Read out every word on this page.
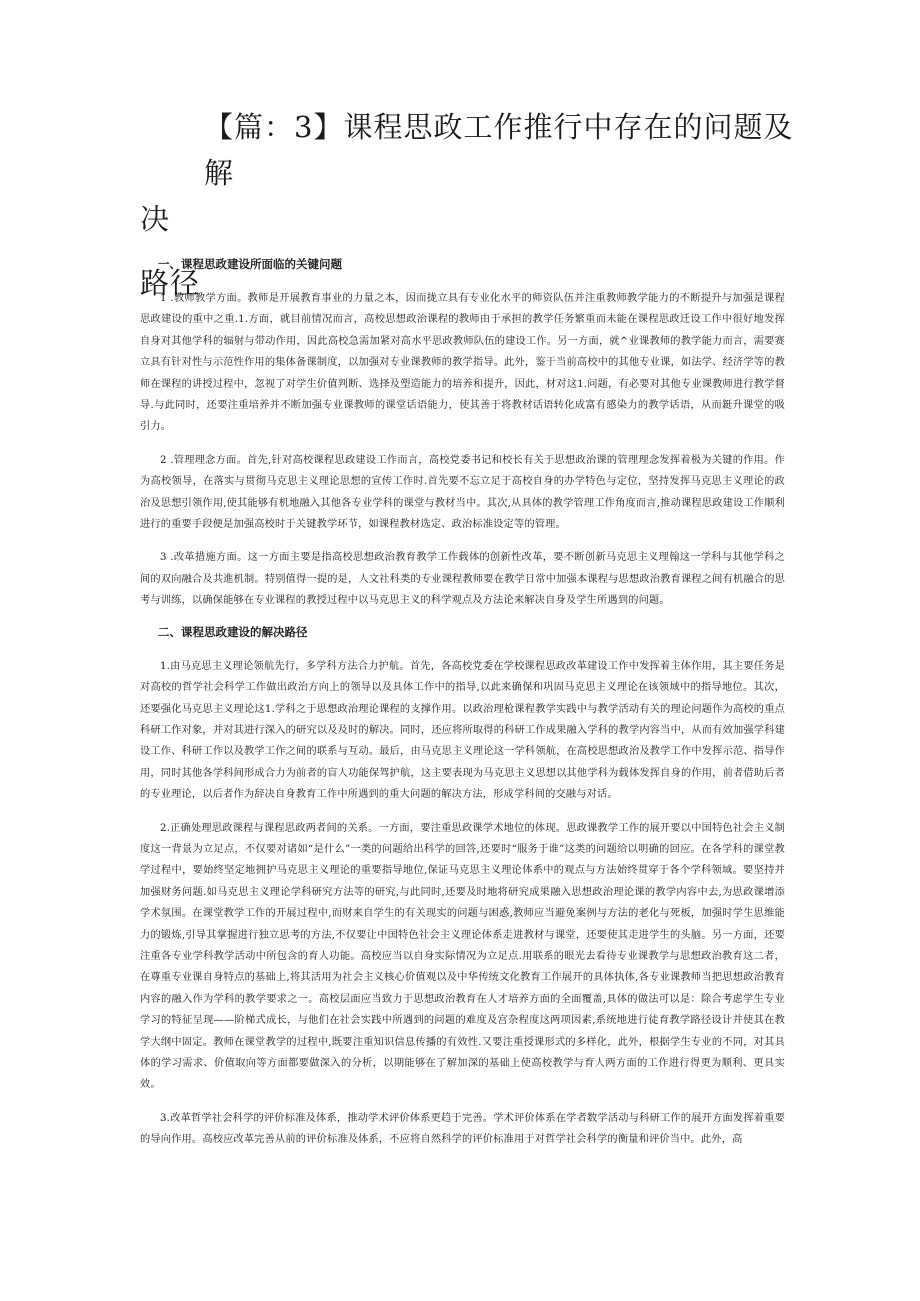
【篇：3】课程思政工作推行中存在的问题及解
决
路径
一、课程思政建设所面临的关键问题

1 .教师教学方面。教师是开展教育事业的力量之本，因而拢立具有专业化水平的师资队伍并注重教师教学能力的不断提升与加强是课程思政建设的重中之重.1.方面，就目前情况而言，高校思想政治课程的教师由于承担的教学任务繁重而未能在课程思政迁设工作中很好地发挥自身对其他学科的辐射与带动作用，因此高校急需加紧对高水平思政教师队伍的建设工作。另一方面，就^业课教师的教学能力而言，需要赛立具有针对性与示范性作用的集体备课制度，以加强对专业课教师的教学指导。此外，鉴于当前高校中的其他专业课，如法学、经济学等的教师在课程的讲授过程中，忽视了对学生价值判断、选择及塑造能力的培养和提升，因此，材对这1.问题，有必要对其他专业课教师进行教学督导.与此同时，还要注重培养并不断加强专业课教师的课堂话语能力，使其善于将教材话语转化成富有感染力的教学话语，从而鋌升课堂的吸引力。

2 .管理理念方面。首先,针对高校课程思政建设工作而言，高校党委书记和校长有关于思想政治课的管理理念发挥着极为关键的作用。作为高校领导，在落实与贯彻马克思主义理论思想的宣传工作时.首先要不忘立足于高校自身的办学特色与定位，坚持发挥马克思主义理论的政治及思想引领作用,使其能够有机地融入其他各专业学科的课堂与教材当中。其次,从具体的教学管理工作角度而言,推动课程思政建设工作顺利进行的重要手段便是加强高校时于关键教学环节，如课程教材选定、政治标准设定等的管理。

3 .改革措施方面。这一方面主要是指高校思想政治教育教学工作载体的创新性改革，要不断创新马克思主义理翰这一学科与其他学科之间的双向融合及共進机制。特别值得一提的是，人文社科类的专业课程教师要在教学日常中加强本课程与思想政治教育课程之间有机融合的思考与训练，以确保能够在专业课程的教授过程中以马克思主义的科学观点及方法论来解决自身及学生所遇到的问题。

二、课程思政建设的解决路径

1.由马克思主义理论领航先行，多学科方法合力护航。首先，各高校党委在学校课程思政改革建设工作中发挥着主体作用，其主要任务是对高校的哲学社会科学工作做出政治方向上的领导以及具体工作中的指导,以此来确保和巩固马克思主义理论在该领域中的指导地位。其次，还要强化马克思主义理论这1.学科之于思想政治理论课程的支撑作用。以政治理枪课程教学实践中与教学活动有关的理论问题作为高校的重点科研工作对象，并对其进行深入的研究以及及时的解决。同时，还应将所取得的科研工作成果融入学科的教学内容当中，从而有效加强学科建设工作、科研工作以及教学工作之间的联系与互动。最后，由马克思主义理论这一学科领航，在高校思想政治及教学工作中发挥示范、指导作用，同时其他各学科间形成合力为前者的盲人功能保驾护航，这主要表现为马克思主义思想以其他学科为载体发挥自身的作用，前者借助后者的专业理论，以后者作为辞决自身教育工作中所遇到的重大问题的解决方法，形成学科间的交融与对话。

2.正确处理思政课程与课程思政两者间的关系。一方面，要注重思政课学术地位的体现。思政课教学工作的展开要以中国特色社会主义制度这一背景为立足点，不仅要对诸如“是什么”一类的问题给出科学的回答,还要时“服务于谁”这类的问题给以明确的回应。在各学科的课堂教学过程中，要始终坚定地拥护马克思主义理论的重要指导地位,保证马克思主义理论体系中的观点与方法始终贯穿于各个学科领域。要坚持并加强财务问题.如马克思主义理论学科研究方法等的研究,与此同时,还要及时地将研究成果融入思想政治理论课的教学内容中去,为思政课增添学术氛围。在课堂教学工作的开展过程中,而财来自学生的有关现实的问题与困惑,教师应当避免案例与方法的老化与死板，加强时学生思维能力的锻炼,引导其掌握进行独立思考的方法,不仅要让中国特色社会主义理论体系走进教材与课堂，还要使其走进学生的头脑。另一方面，还要注重各专业学科教学活动中所包含的育人功能。高校应当以自身实际情况为立足点.用联系的眼光去看待专业课教学与思想政治教育这二者，在尊重专业课自身特点的基础上,将其活用为社会主义核心价值观以及中华传统文化教育工作展开的具体执体,各专业课教师当把思想政治教育内容的融入作为学科的教学要求之一。高校层面应当致力于思想政治教育在人才培养方面的全面覆盖,具体的做法可以是：除合考虑学生专业学习的特征呈现——阶梯式成长，与他们在社会实践中所遇到的问题的难度及宫杂程度这两项因素,系统地进行徒育教学路径设计并使其在教学大纲中固定。教师在课堂教学的过程中,既要注重知识信息传播的有效性.又要注重授课形式的多样化，此外，根据学生专业的不同，对其具体的学习需求、价值取向等方面都要做深入的分析，以期能够在了解加深的基础上使高校教学与育人两方面的工作进行得更为顺利、更具实效。

3.改革哲学社会科学的评价标准及体系，推动学术评价体系更趋于完善。学术评价体系在学者数学活动与科研工作的展开方面发挥着重要的导向作用。高校应改革完善从前的评价标准及体系，不应将自然科学的评价标准用于对哲学社会科学的衡量和评价当中。此外，高
